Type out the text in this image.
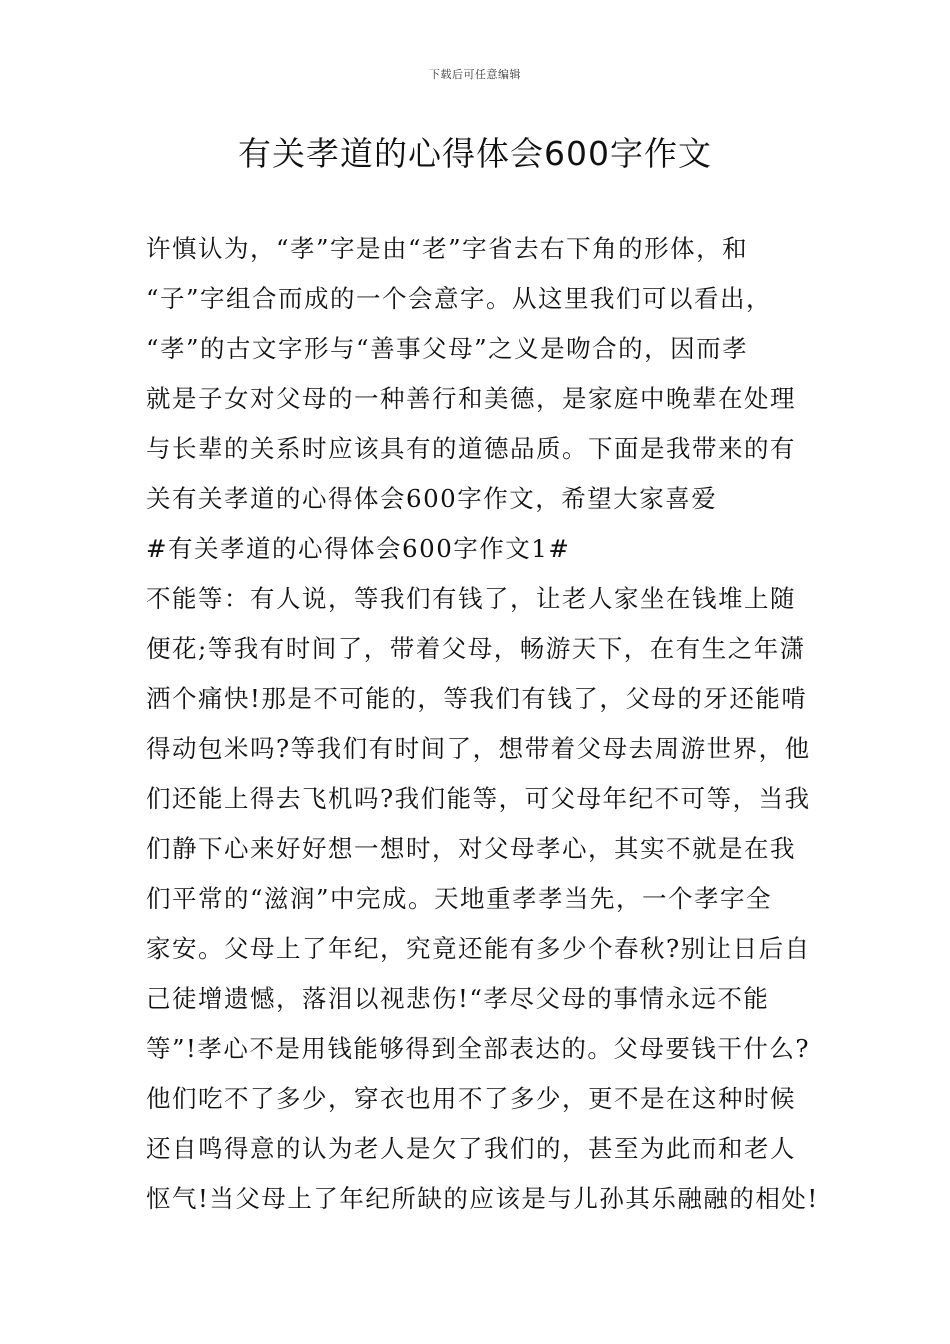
下载后可任意编辑
有关孝道的心得体会600字作文
许慎认为，“孝”字是由“老”字省去右下角的形体，和
“子”字组合而成的一个会意字。从这里我们可以看出，
“孝”的古文字形与“善事父母”之义是吻合的，因而孝
就是子女对父母的一种善行和美德，是家庭中晚辈在处理
与长辈的关系时应该具有的道德品质。下面是我带来的有
关有关孝道的心得体会600字作文，希望大家喜爱
#有关孝道的心得体会600字作文1#
不能等：有人说，等我们有钱了，让老人家坐在钱堆上随
便花;等我有时间了，带着父母，畅游天下，在有生之年潇
洒个痛快!那是不可能的，等我们有钱了，父母的牙还能啃
得动包米吗?等我们有时间了，想带着父母去周游世界，他
们还能上得去飞机吗?我们能等，可父母年纪不可等，当我
们静下心来好好想一想时，对父母孝心，其实不就是在我
们平常的“滋润”中完成。天地重孝孝当先，一个孝字全
家安。父母上了年纪，究竟还能有多少个春秋?别让日后自
己徒增遗憾，落泪以视悲伤!“孝尽父母的事情永远不能
等”!孝心不是用钱能够得到全部表达的。父母要钱干什么?
他们吃不了多少，穿衣也用不了多少，更不是在这种时候
还自鸣得意的认为老人是欠了我们的，甚至为此而和老人
怄气!当父母上了年纪所缺的应该是与儿孙其乐融融的相处!
